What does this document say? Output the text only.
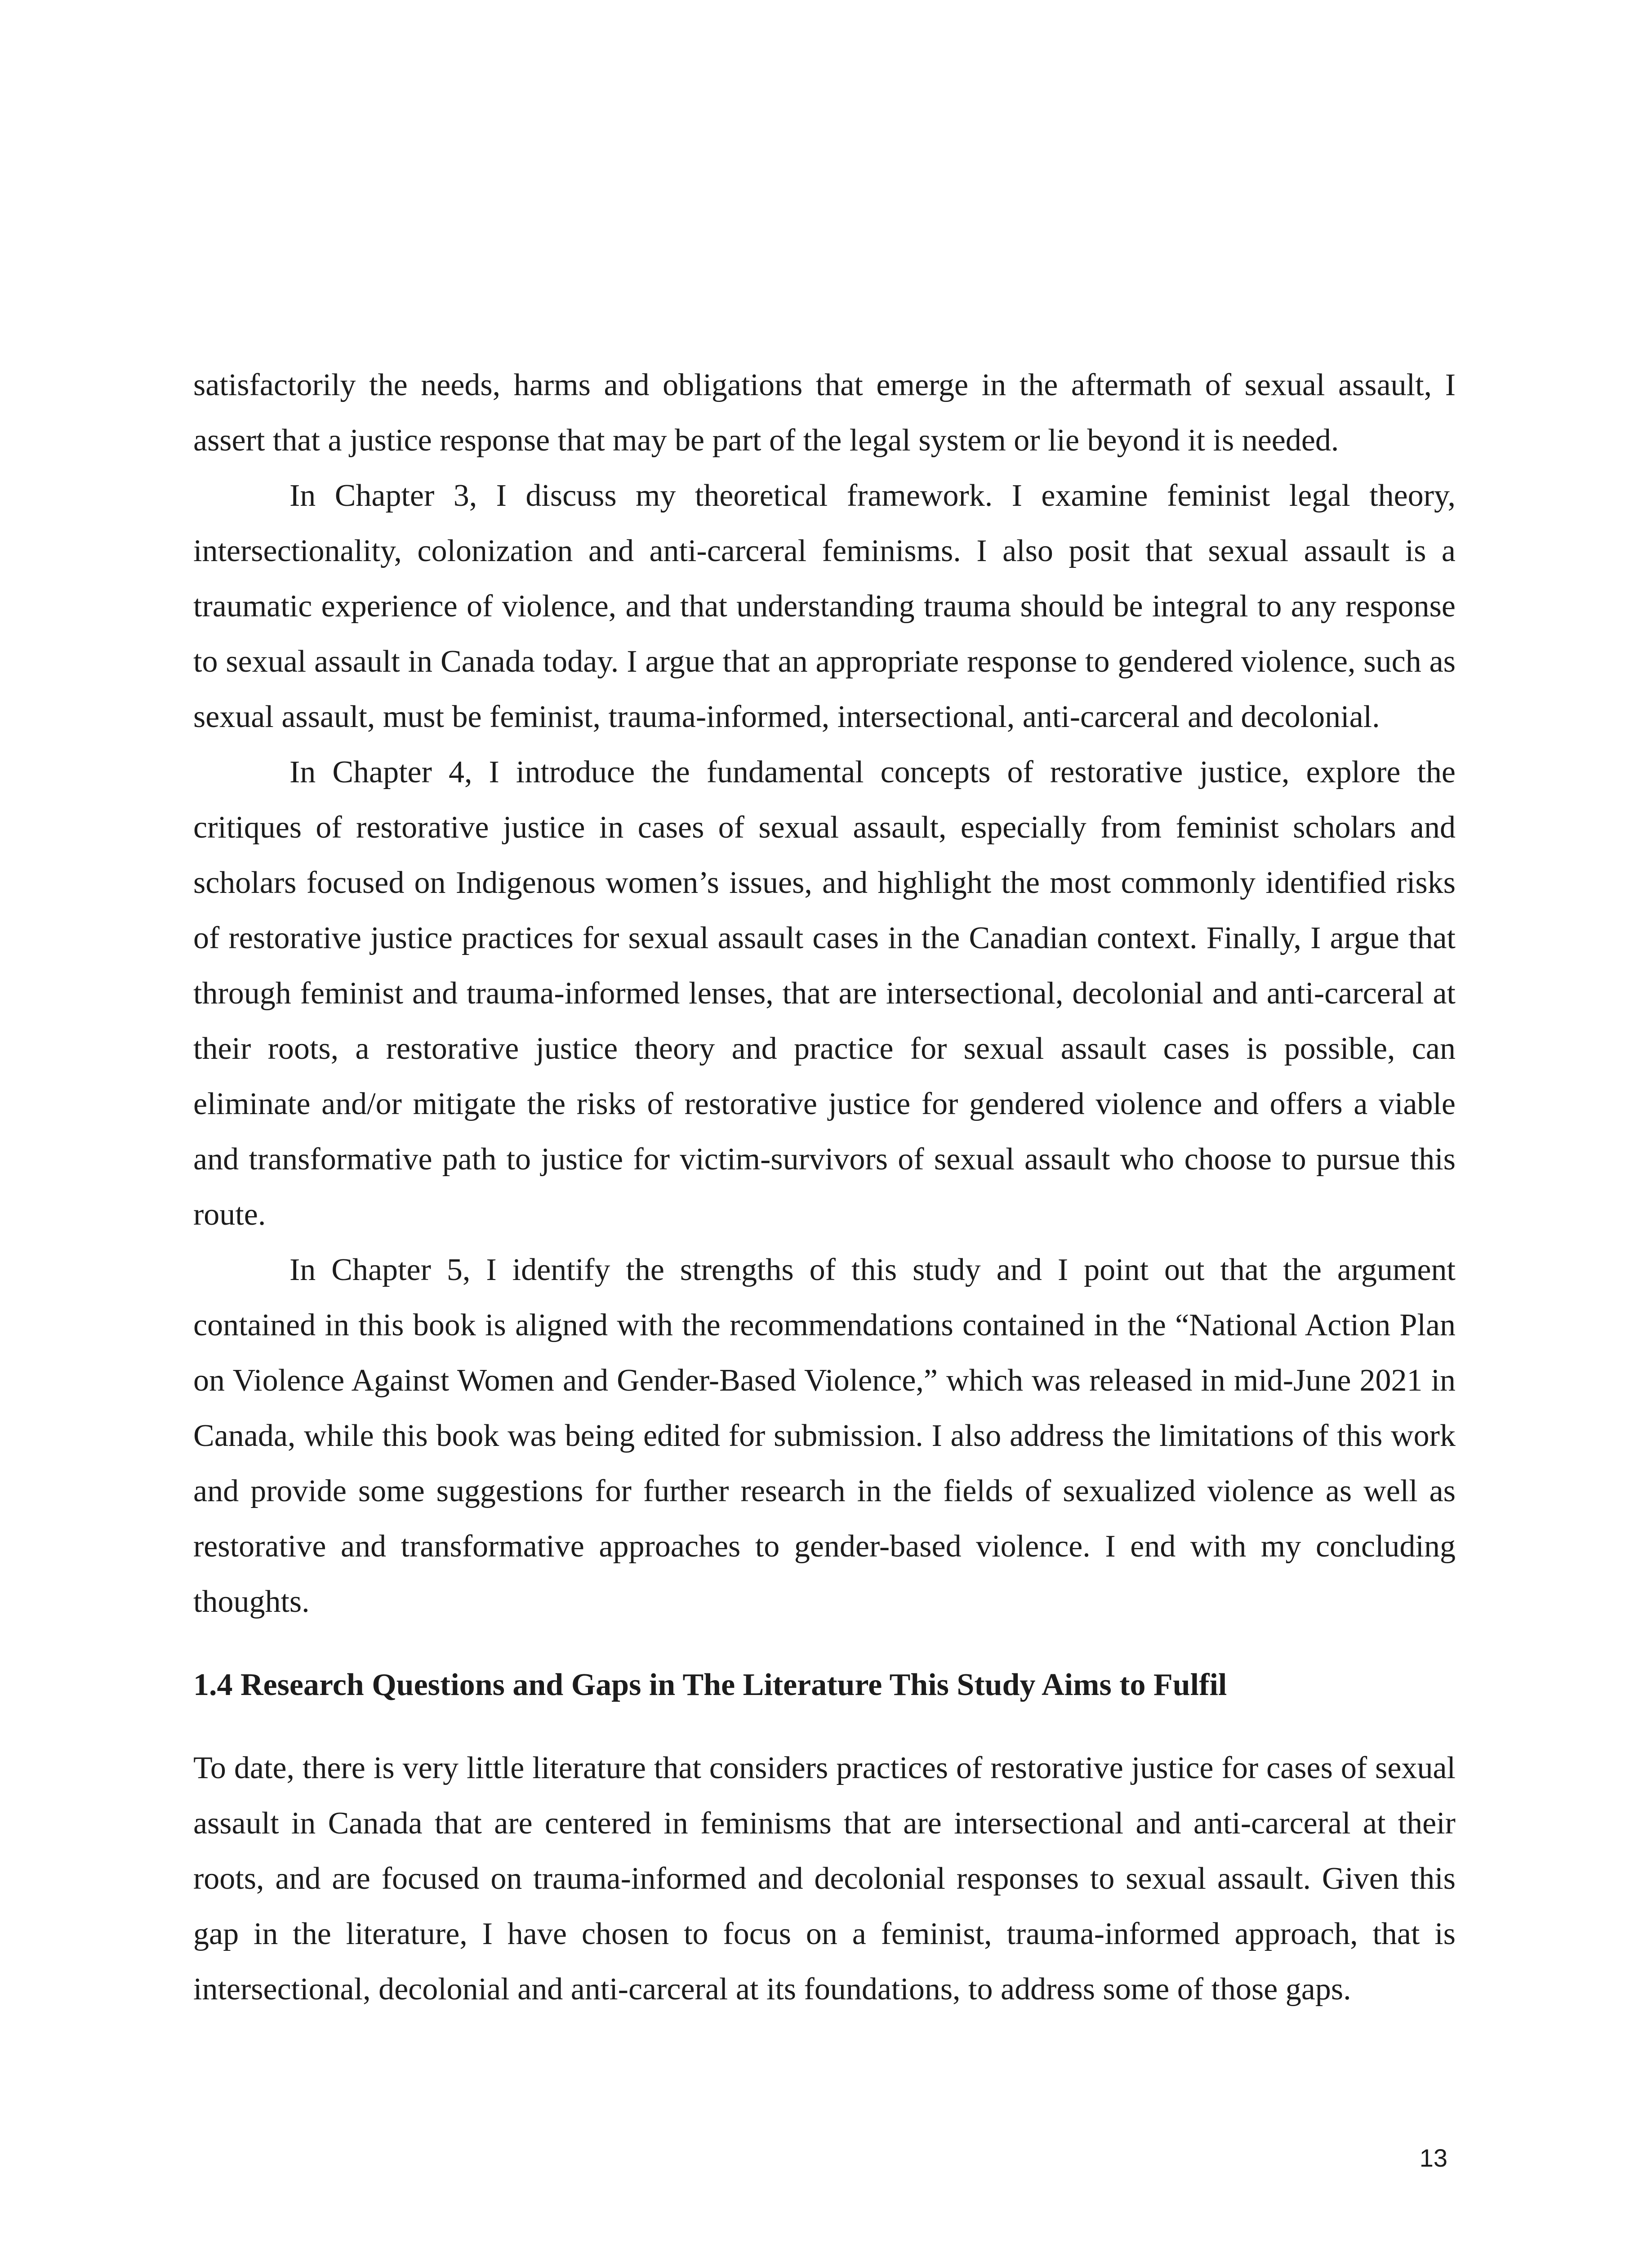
satisfactorily the needs, harms and obligations that emerge in the aftermath of sexual assault, I assert that a justice response that may be part of the legal system or lie beyond it is needed.

In Chapter 3, I discuss my theoretical framework. I examine feminist legal theory, intersectionality, colonization and anti-carceral feminisms. I also posit that sexual assault is a traumatic experience of violence, and that understanding trauma should be integral to any response to sexual assault in Canada today. I argue that an appropriate response to gendered violence, such as sexual assault, must be feminist, trauma-informed, intersectional, anti-carceral and decolonial.

In Chapter 4, I introduce the fundamental concepts of restorative justice, explore the critiques of restorative justice in cases of sexual assault, especially from feminist scholars and scholars focused on Indigenous women’s issues, and highlight the most commonly identified risks of restorative justice practices for sexual assault cases in the Canadian context. Finally, I argue that through feminist and trauma-informed lenses, that are intersectional, decolonial and anti-carceral at their roots, a restorative justice theory and practice for sexual assault cases is possible, can eliminate and/or mitigate the risks of restorative justice for gendered violence and offers a viable and transformative path to justice for victim-survivors of sexual assault who choose to pursue this route.

In Chapter 5, I identify the strengths of this study and I point out that the argument contained in this book is aligned with the recommendations contained in the “National Action Plan on Violence Against Women and Gender-Based Violence,” which was released in mid-June 2021 in Canada, while this book was being edited for submission. I also address the limitations of this work and provide some suggestions for further research in the fields of sexualized violence as well as restorative and transformative approaches to gender-based violence. I end with my concluding thoughts.

1.4 Research Questions and Gaps in The Literature This Study Aims to Fulfil

To date, there is very little literature that considers practices of restorative justice for cases of sexual assault in Canada that are centered in feminisms that are intersectional and anti-carceral at their roots, and are focused on trauma-informed and decolonial responses to sexual assault. Given this gap in the literature, I have chosen to focus on a feminist, trauma-informed approach, that is intersectional, decolonial and anti-carceral at its foundations, to address some of those gaps.

13
